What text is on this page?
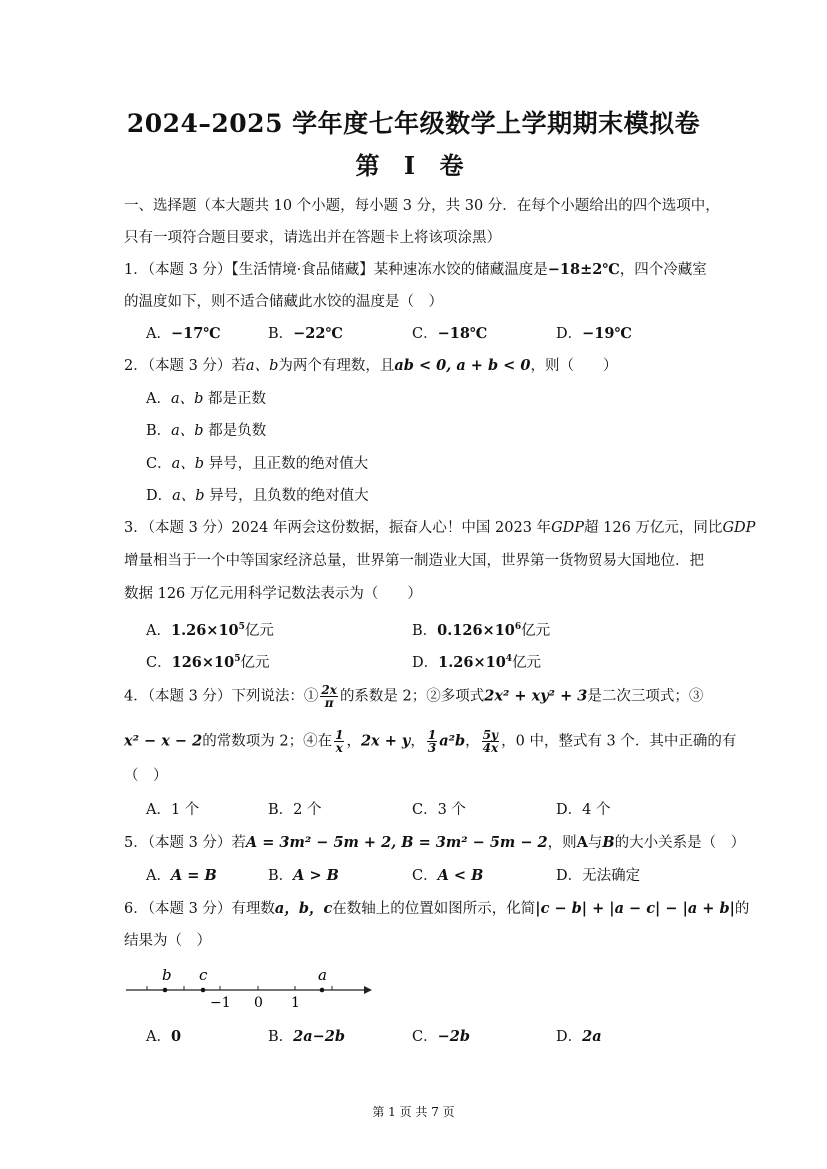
2024–2025 学年度七年级数学上学期期末模拟卷
第 Ⅰ 卷
一、选择题（本大题共 10 个小题，每小题 3 分，共 30 分．在每个小题给出的四个选项中，
只有一项符合题目要求，请选出并在答题卡上将该项涂黑）
1．（本题 3 分）【生活情境·食品储藏】某种速冻水饺的储藏温度是−18±2℃，四个冷藏室
的温度如下，则不适合储藏此水饺的温度是（　）
A．−17℃	B．−22℃	C．−18℃	D．−19℃
2．（本题 3 分）若a、b为两个有理数，且ab < 0, a + b < 0，则（　　）
A．a、b 都是正数
B．a、b 都是负数
C．a、b 异号，且正数的绝对值大
D．a、b 异号，且负数的绝对值大
3．（本题 3 分）2024 年两会这份数据，振奋人心！中国 2023 年GDP超 126 万亿元，同比GDP
增量相当于一个中等国家经济总量，世界第一制造业大国，世界第一货物贸易大国地位．把
数据 126 万亿元用科学记数法表示为（　　）
A．$1.26\times 10^5$亿元	B．$0.126\times 10^6$亿元
C．$126\times 10^5$亿元	D．$1.26\times 10^4$亿元
4．（本题 3 分）下列说法：① $\frac{2x}{\pi}$ 的系数是 2；②多项式2x² + xy² + 3是二次三项式；③
x² − x − 2的常数项为 2；④在 $\frac{1}{x}$ ，2x + y， $\frac{1}{3} a^2b$， $\frac{5y}{4x}$ ，0 中，整式有 3 个．其中正确的有
（　）
A．1 个	B．2 个	C．3 个	D．4 个
5．（本题 3 分）若A = 3m² − 5m + 2, B = 3m² − 5m − 2，则A与B的大小关系是（　）
A．A = B	B．A > B	C．A < B	D．无法确定
6．（本题 3 分）有理数a，b，c在数轴上的位置如图所示，化简|c − b| + |a − c| − |a + b|的
结果为（　）
b c	a
−1 0 1
A．0	B．2a−2b	C．−2b	D．2a
第 1 页 共 7 页
